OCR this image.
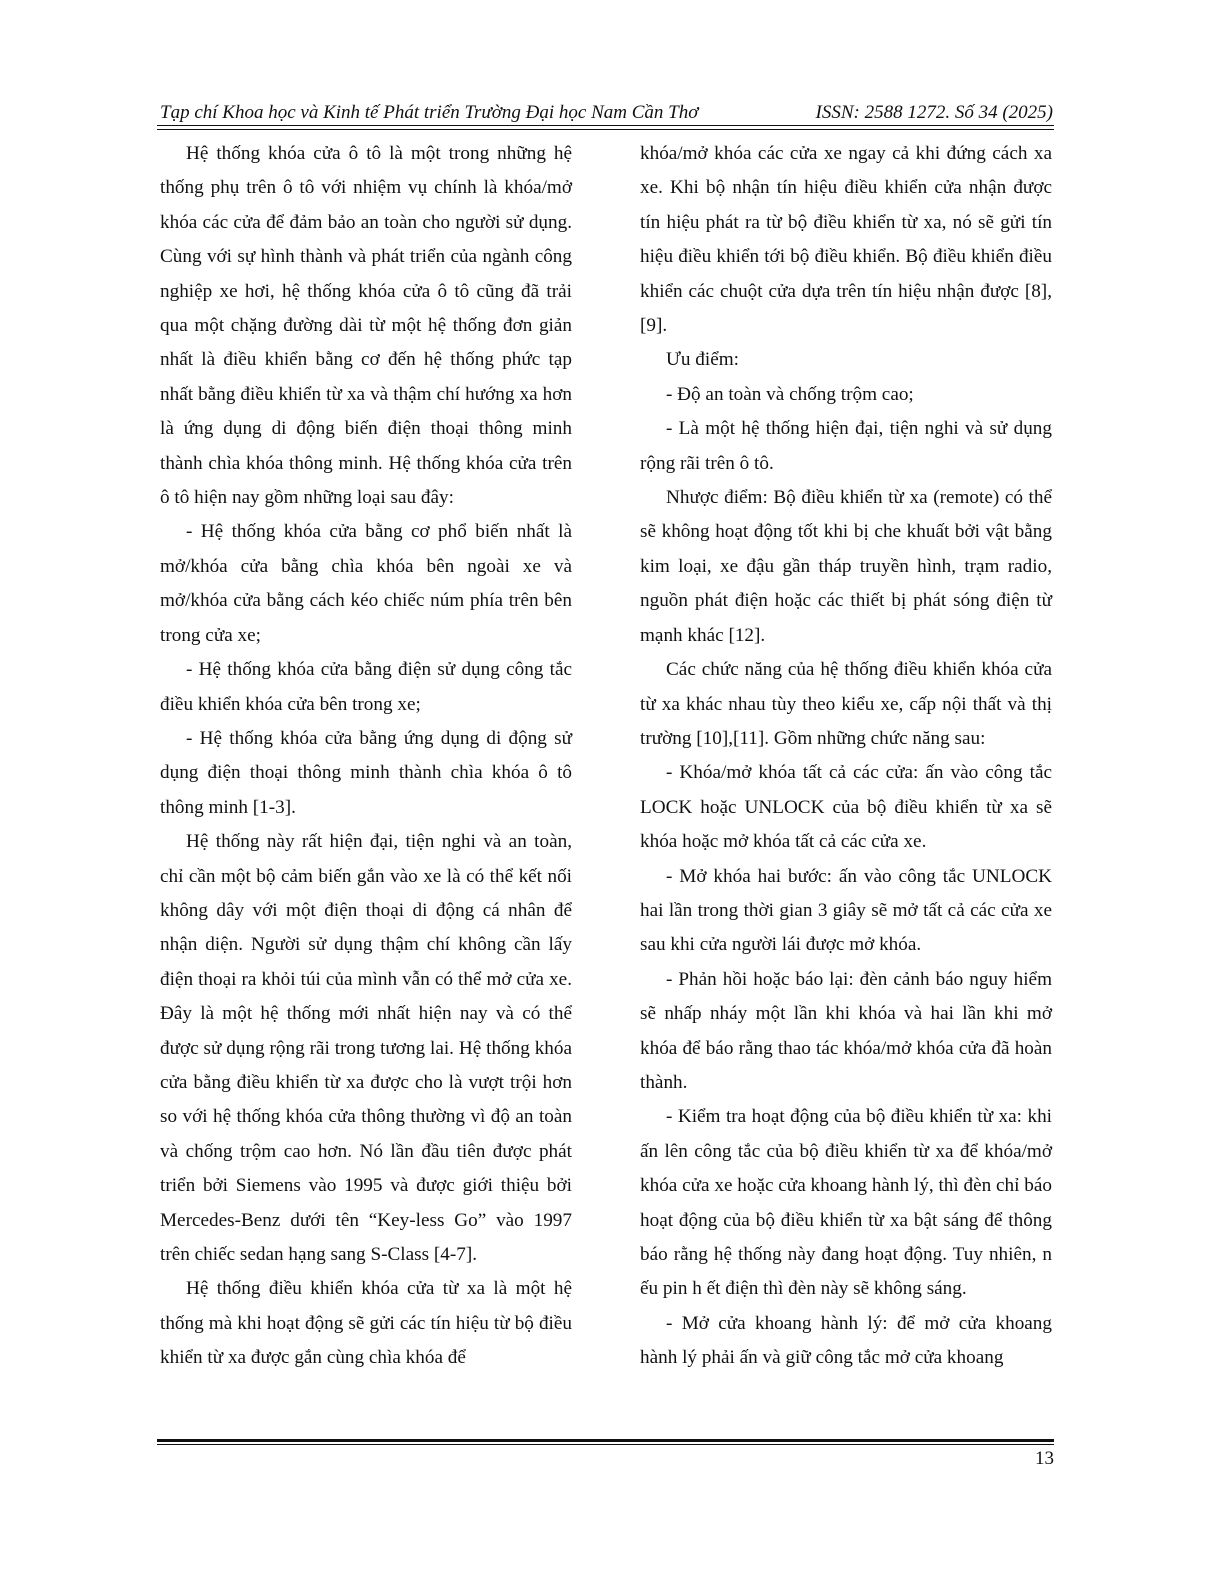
Tạp chí Khoa học và Kinh tế Phát triển Trường Đại học Nam Cần Thơ	ISSN: 2588 1272. Số 34 (2025)

Hệ thống khóa cửa ô tô là một trong những hệ thống phụ trên ô tô với nhiệm vụ chính là khóa/mở khóa các cửa để đảm bảo an toàn cho người sử dụng. Cùng với sự hình thành và phát triển của ngành công nghiệp xe hơi, hệ thống khóa cửa ô tô cũng đã trải qua một chặng đường dài từ một hệ thống đơn giản nhất là điều khiển bằng cơ đến hệ thống phức tạp nhất bằng điều khiển từ xa và thậm chí hướng xa hơn là ứng dụng di động biến điện thoại thông minh thành chìa khóa thông minh. Hệ thống khóa cửa trên ô tô hiện nay gồm những loại sau đây:

- Hệ thống khóa cửa bằng cơ phổ biến nhất là mở/khóa cửa bằng chìa khóa bên ngoài xe và mở/khóa cửa bằng cách kéo chiếc núm phía trên bên trong cửa xe;

- Hệ thống khóa cửa bằng điện sử dụng công tắc điều khiển khóa cửa bên trong xe;

- Hệ thống khóa cửa bằng ứng dụng di động sử dụng điện thoại thông minh thành chìa khóa ô tô thông minh [1-3].

Hệ thống này rất hiện đại, tiện nghi và an toàn, chỉ cần một bộ cảm biến gắn vào xe là có thể kết nối không dây với một điện thoại di động cá nhân để nhận diện. Người sử dụng thậm chí không cần lấy điện thoại ra khỏi túi của mình vẫn có thể mở cửa xe. Đây là một hệ thống mới nhất hiện nay và có thể được sử dụng rộng rãi trong tương lai. Hệ thống khóa cửa bằng điều khiển từ xa được cho là vượt trội hơn so với hệ thống khóa cửa thông thường vì độ an toàn và chống trộm cao hơn. Nó lần đầu tiên được phát triển bởi Siemens vào 1995 và được giới thiệu bởi Mercedes-Benz dưới tên “Key-less Go” vào 1997 trên chiếc sedan hạng sang S-Class [4-7].

Hệ thống điều khiển khóa cửa từ xa là một hệ thống mà khi hoạt động sẽ gửi các tín hiệu từ bộ điều khiển từ xa được gắn cùng chìa khóa để

khóa/mở khóa các cửa xe ngay cả khi đứng cách xa xe. Khi bộ nhận tín hiệu điều khiển cửa nhận được tín hiệu phát ra từ bộ điều khiển từ xa, nó sẽ gửi tín hiệu điều khiển tới bộ điều khiển. Bộ điều khiển điều khiển các chuột cửa dựa trên tín hiệu nhận được [8],[9].

Ưu điểm:

- Độ an toàn và chống trộm cao;

- Là một hệ thống hiện đại, tiện nghi và sử dụng rộng rãi trên ô tô.

Nhược điểm: Bộ điều khiển từ xa (remote) có thể sẽ không hoạt động tốt khi bị che khuất bởi vật bằng kim loại, xe đậu gần tháp truyền hình, trạm radio, nguồn phát điện hoặc các thiết bị phát sóng điện từ mạnh khác [12].

Các chức năng của hệ thống điều khiển khóa cửa từ xa khác nhau tùy theo kiểu xe, cấp nội thất và thị trường [10],[11]. Gồm những chức năng sau:

- Khóa/mở khóa tất cả các cửa: ấn vào công tắc LOCK hoặc UNLOCK của bộ điều khiển từ xa sẽ khóa hoặc mở khóa tất cả các cửa xe.

- Mở khóa hai bước: ấn vào công tắc UNLOCK hai lần trong thời gian 3 giây sẽ mở tất cả các cửa xe sau khi cửa người lái được mở khóa.

- Phản hồi hoặc báo lại: đèn cảnh báo nguy hiểm sẽ nhấp nháy một lần khi khóa và hai lần khi mở khóa để báo rằng thao tác khóa/mở khóa cửa đã hoàn thành.

- Kiểm tra hoạt động của bộ điều khiển từ xa: khi ấn lên công tắc của bộ điều khiển từ xa để khóa/mở khóa cửa xe hoặc cửa khoang hành lý, thì đèn chỉ báo hoạt động của bộ điều khiển từ xa bật sáng để thông báo rằng hệ thống này đang hoạt động. Tuy nhiên, n ếu pin h ết điện thì đèn này sẽ không sáng.

- Mở cửa khoang hành lý: để mở cửa khoang hành lý phải ấn và giữ công tắc mở cửa khoang

13
